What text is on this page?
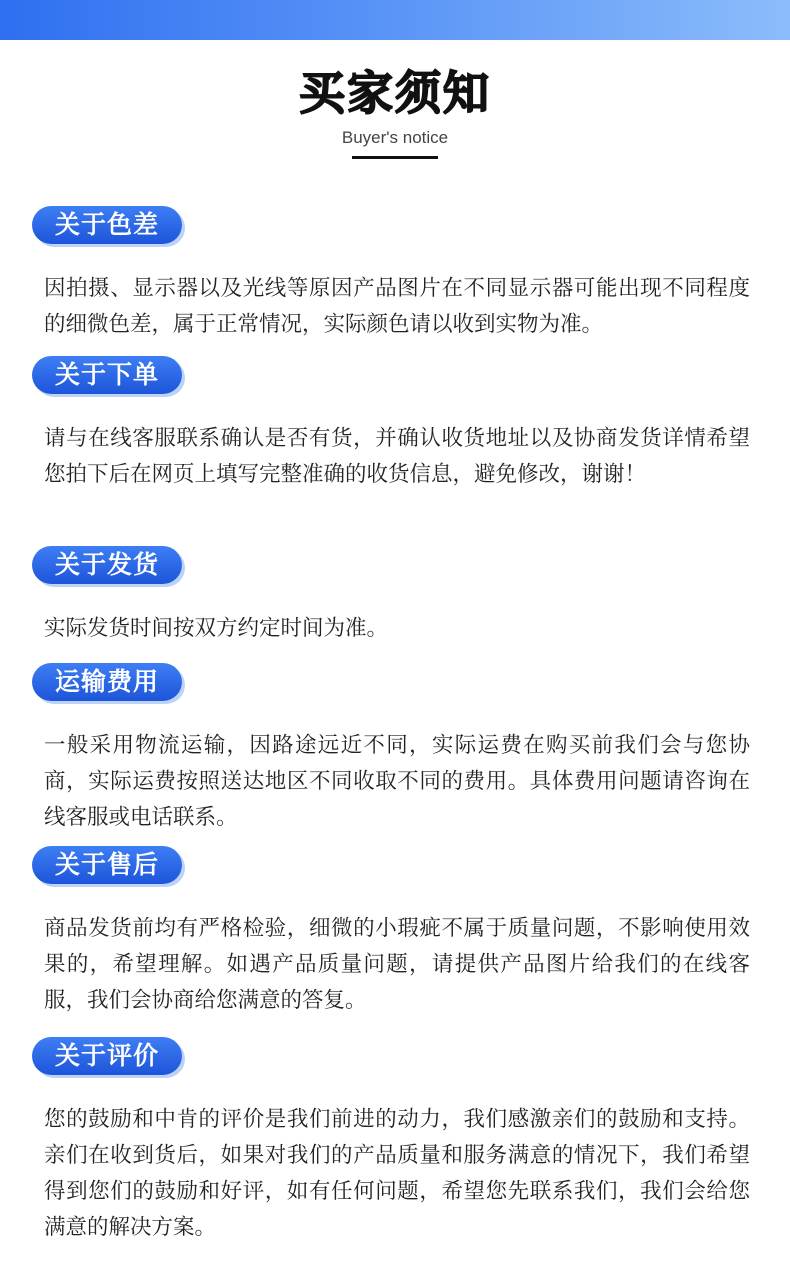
买家须知
Buyer's notice
关于色差
因拍摄、显示器以及光线等原因产品图片在不同显示器可能出现不同程度的细微色差，属于正常情况，实际颜色请以收到实物为准。
关于下单
请与在线客服联系确认是否有货，并确认收货地址以及协商发货详情希望您拍下后在网页上填写完整准确的收货信息，避免修改，谢谢！
关于发货
实际发货时间按双方约定时间为准。
运输费用
一般采用物流运输，因路途远近不同，实际运费在购买前我们会与您协商，实际运费按照送达地区不同收取不同的费用。具体费用问题请咨询在线客服或电话联系。
关于售后
商品发货前均有严格检验，细微的小瑕疵不属于质量问题，不影响使用效果的，希望理解。如遇产品质量问题，请提供产品图片给我们的在线客服，我们会协商给您满意的答复。
关于评价
您的鼓励和中肯的评价是我们前进的动力，我们感激亲们的鼓励和支持。亲们在收到货后，如果对我们的产品质量和服务满意的情况下，我们希望得到您们的鼓励和好评，如有任何问题，希望您先联系我们，我们会给您满意的解决方案。
